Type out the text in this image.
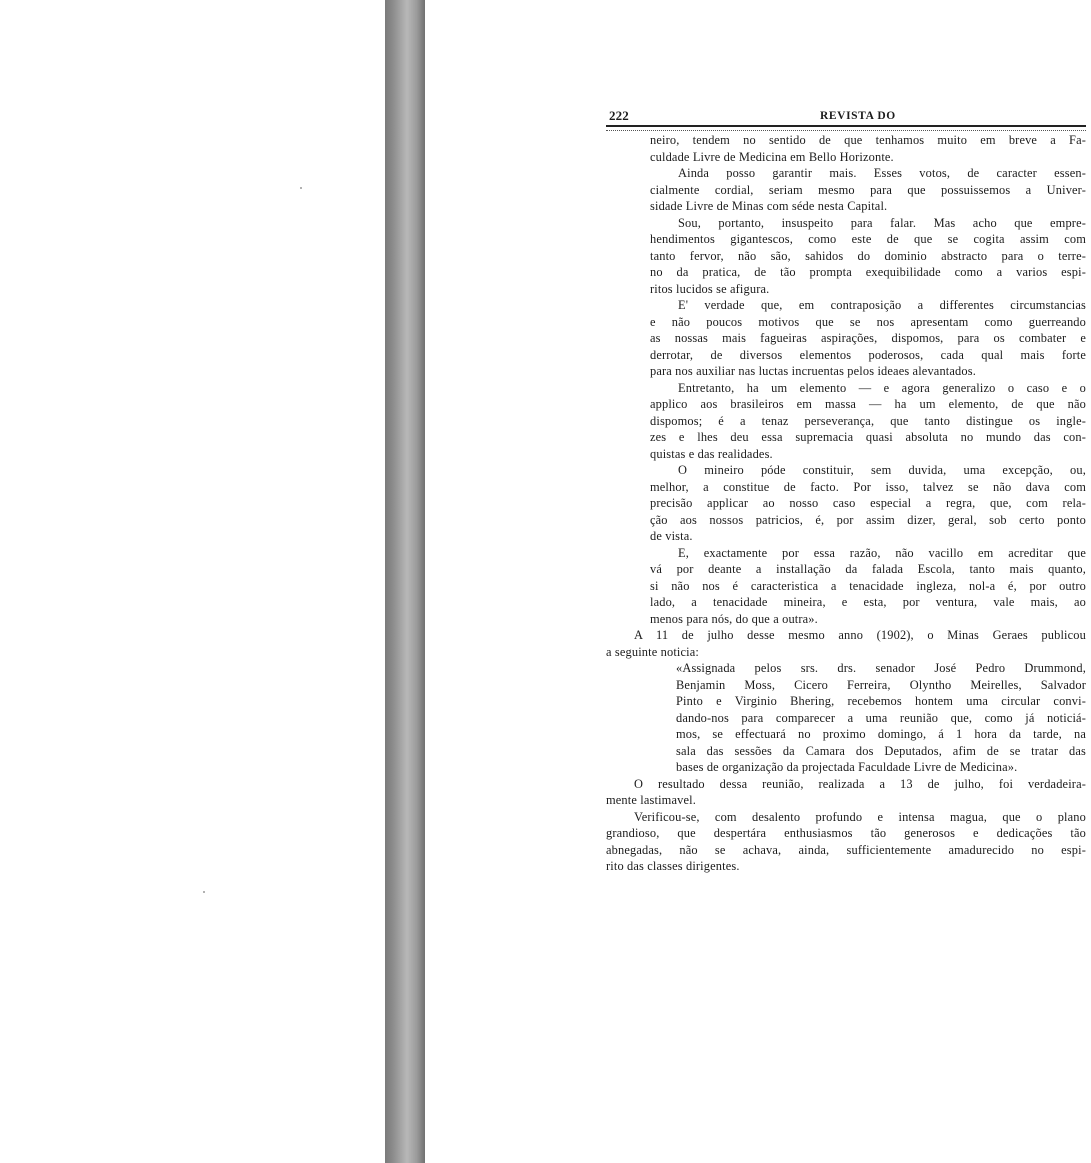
222	REVISTA DO
neiro, tendem no sentido de que tenhamos muito em breve a Fa-
culdade Livre de Medicina em Bello Horizonte.
Ainda posso garantir mais. Esses votos, de caracter essen-
cialmente cordial, seriam mesmo para que possuissemos a Univer-
sidade Livre de Minas com séde nesta Capital.
Sou, portanto, insuspeito para falar. Mas acho que empre-
hendimentos gigantescos, como este de que se cogita assim com
tanto fervor, não são, sahidos do dominio abstracto para o terre-
no da pratica, de tão prompta exequibilidade como a varios espi-
ritos lucidos se afigura.
E' verdade que, em contraposição a differentes circumstancias
e não poucos motivos que se nos apresentam como guerreando
as nossas mais fagueiras aspirações, dispomos, para os combater e
derrotar, de diversos elementos poderosos, cada qual mais forte
para nos auxiliar nas luctas incruentas pelos ideaes alevantados.
Entretanto, ha um elemento — e agora generalizo o caso e o
applico aos brasileiros em massa — ha um elemento, de que não
dispomos; é a tenaz perseverança, que tanto distingue os ingle-
zes e lhes deu essa supremacia quasi absoluta no mundo das con-
quistas e das realidades.
O mineiro póde constituir, sem duvida, uma excepção, ou,
melhor, a constitue de facto. Por isso, talvez se não dava com
precisão applicar ao nosso caso especial a regra, que, com rela-
ção aos nossos patricios, é, por assim dizer, geral, sob certo ponto
de vista.
E, exactamente por essa razão, não vacillo em acreditar que
vá por deante a installação da falada Escola, tanto mais quanto,
si não nos é caracteristica a tenacidade ingleza, nol-a é, por outro
lado, a tenacidade mineira, e esta, por ventura, vale mais, ao
menos para nós, do que a outra».
A 11 de julho desse mesmo anno (1902), o Minas Geraes publicou
a seguinte noticia:
«Assignada pelos srs. drs. senador José Pedro Drummond,
Benjamin Moss, Cicero Ferreira, Olyntho Meirelles, Salvador
Pinto e Virginio Bhering, recebemos hontem uma circular convi-
dando-nos para comparecer a uma reunião que, como já noticiá-
mos, se effectuará no proximo domingo, á 1 hora da tarde, na
sala das sessões da Camara dos Deputados, afim de se tratar das
bases de organização da projectada Faculdade Livre de Medicina».
O resultado dessa reunião, realizada a 13 de julho, foi verdadeira-
mente lastimavel.
Verificou-se, com desalento profundo e intensa magua, que o plano
grandioso, que despertára enthusiasmos tão generosos e dedicações tão
abnegadas, não se achava, ainda, sufficientemente amadurecido no espi-
rito das classes dirigentes.
